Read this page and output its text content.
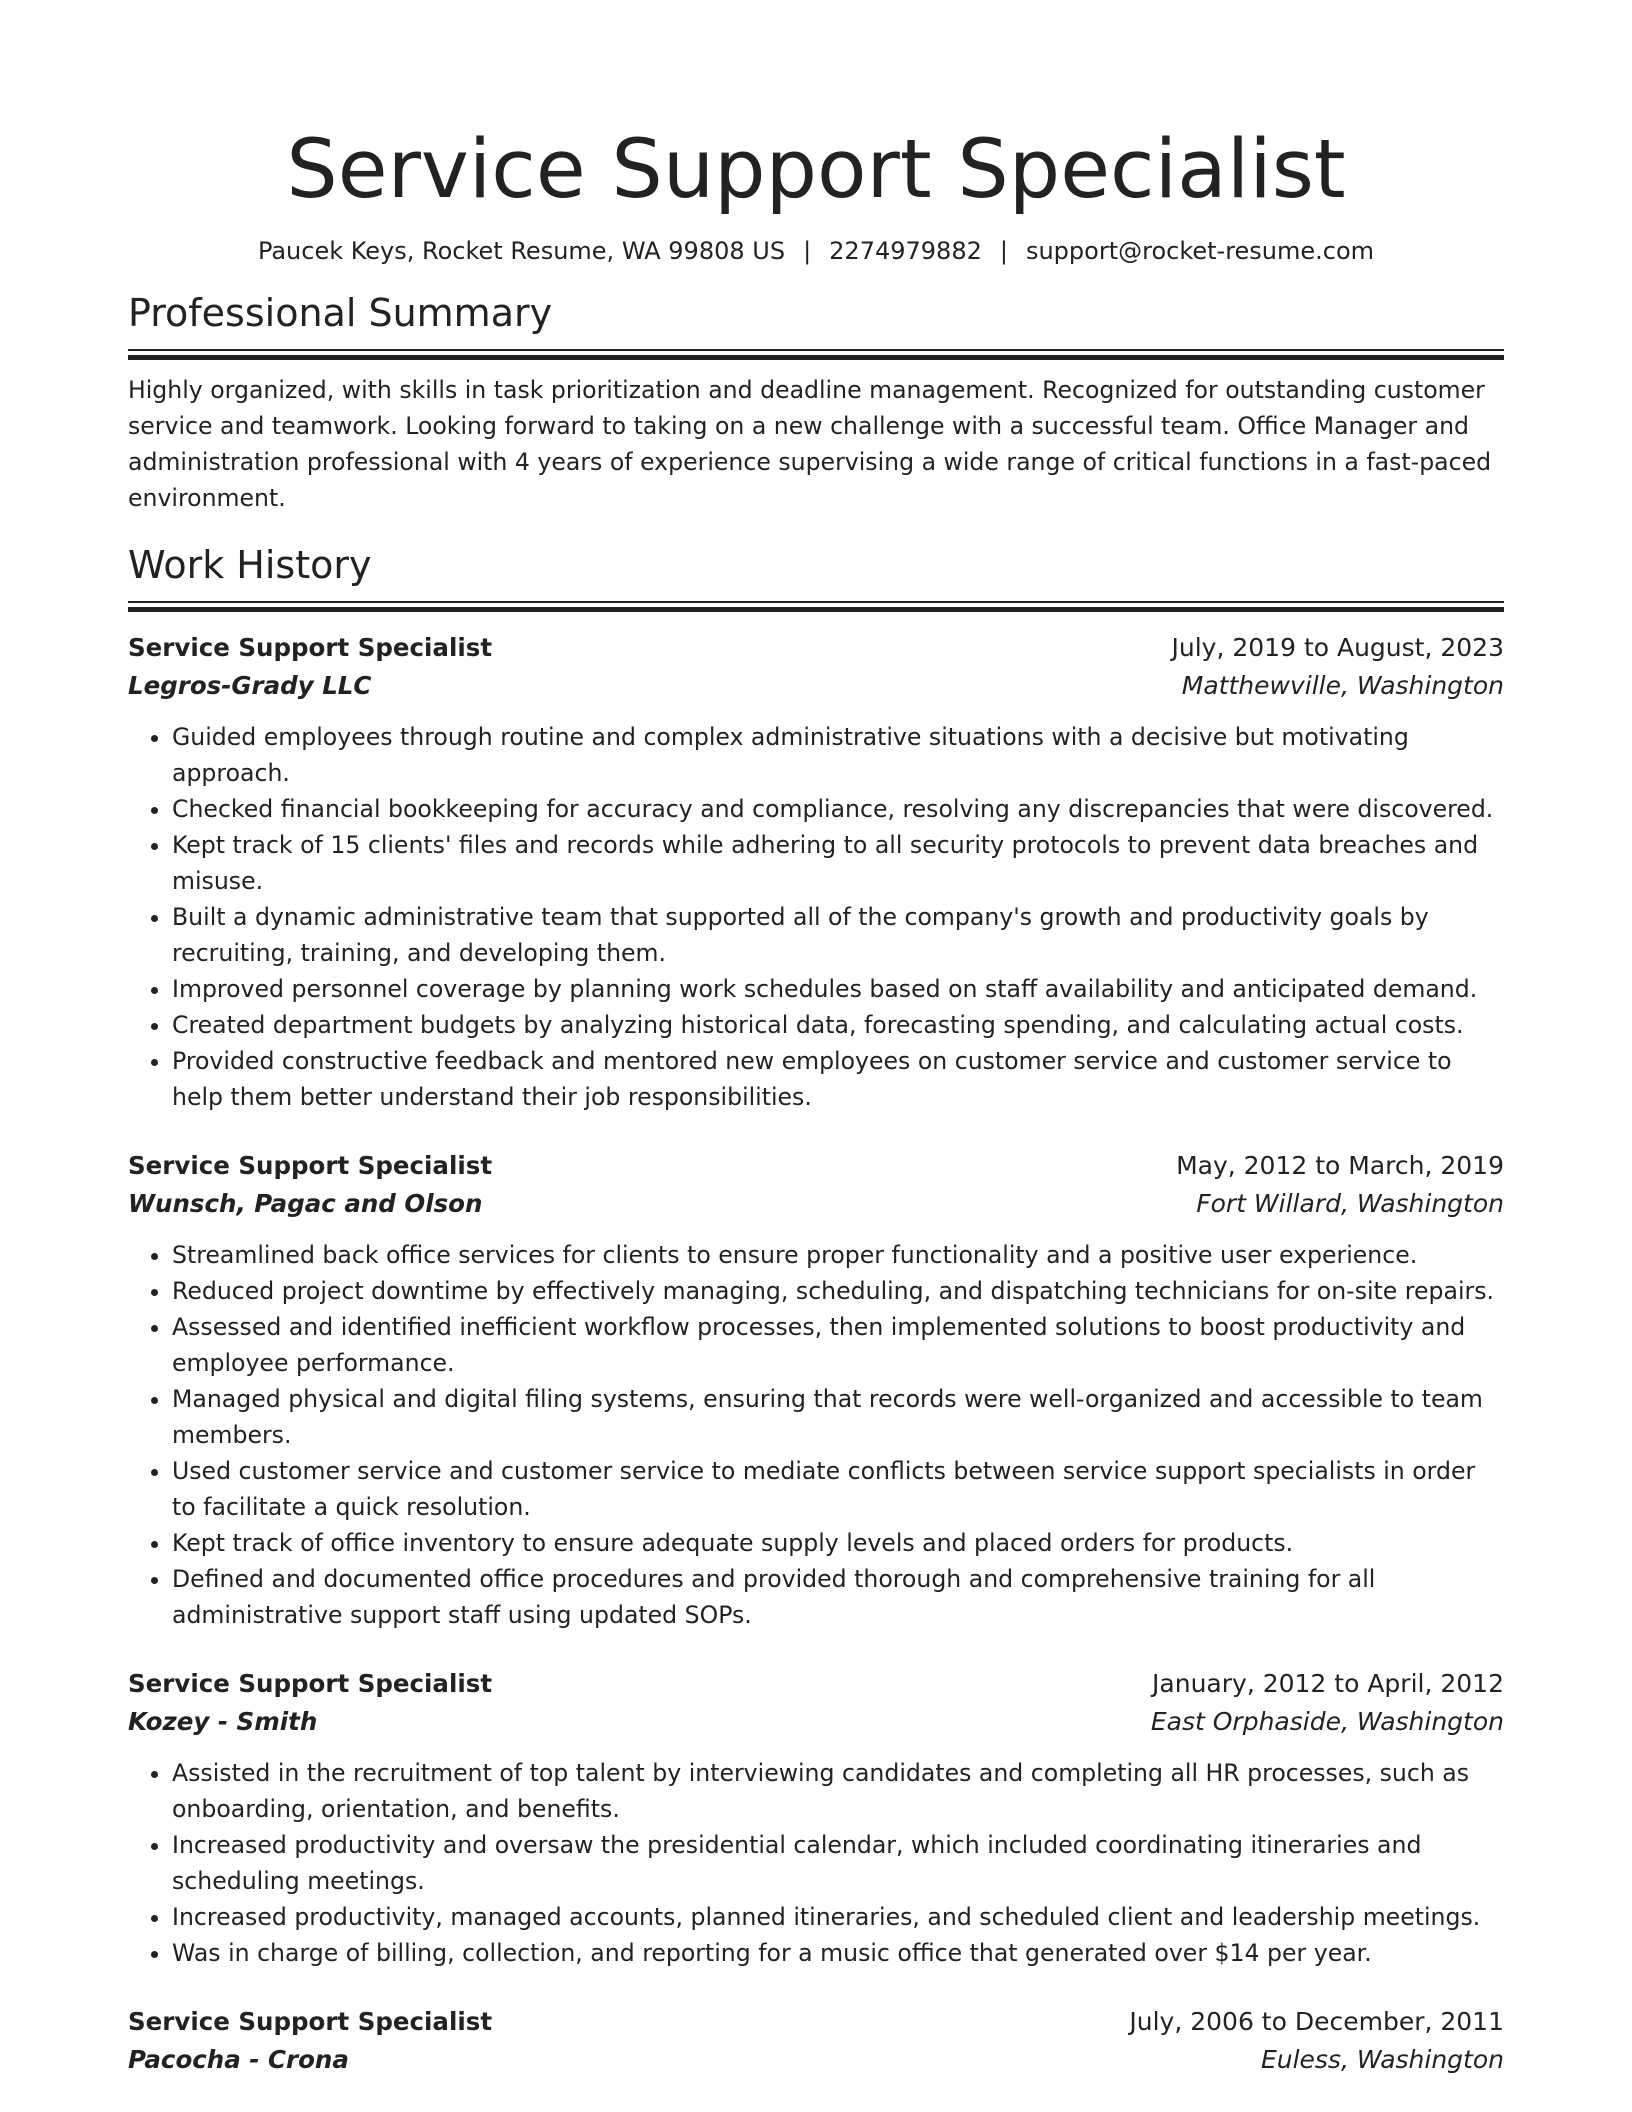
Service Support Specialist
Paucek Keys, Rocket Resume, WA 99808 US | 2274979882 | support@rocket-resume.com
Professional Summary

Highly organized, with skills in task prioritization and deadline management. Recognized for outstanding customer service and teamwork. Looking forward to taking on a new challenge with a successful team. Office Manager and administration professional with 4 years of experience supervising a wide range of critical functions in a fast-paced environment.

Work History
Service Support Specialist	July, 2019 to August, 2023
Legros-Grady LLC	Matthewville, Washington
• Guided employees through routine and complex administrative situations with a decisive but motivating approach.
• Checked financial bookkeeping for accuracy and compliance, resolving any discrepancies that were discovered.
• Kept track of 15 clients' files and records while adhering to all security protocols to prevent data breaches and misuse.
• Built a dynamic administrative team that supported all of the company's growth and productivity goals by recruiting, training, and developing them.
• Improved personnel coverage by planning work schedules based on staff availability and anticipated demand.
• Created department budgets by analyzing historical data, forecasting spending, and calculating actual costs.
• Provided constructive feedback and mentored new employees on customer service and customer service to help them better understand their job responsibilities.
Service Support Specialist	May, 2012 to March, 2019
Wunsch, Pagac and Olson	Fort Willard, Washington
• Streamlined back office services for clients to ensure proper functionality and a positive user experience.
• Reduced project downtime by effectively managing, scheduling, and dispatching technicians for on-site repairs.
• Assessed and identified inefficient workflow processes, then implemented solutions to boost productivity and employee performance.
• Managed physical and digital filing systems, ensuring that records were well-organized and accessible to team members.
• Used customer service and customer service to mediate conflicts between service support specialists in order to facilitate a quick resolution.
• Kept track of office inventory to ensure adequate supply levels and placed orders for products.
• Defined and documented office procedures and provided thorough and comprehensive training for all administrative support staff using updated SOPs.
Service Support Specialist	January, 2012 to April, 2012
Kozey - Smith	East Orphaside, Washington
• Assisted in the recruitment of top talent by interviewing candidates and completing all HR processes, such as onboarding, orientation, and benefits.
• Increased productivity and oversaw the presidential calendar, which included coordinating itineraries and scheduling meetings.
• Increased productivity, managed accounts, planned itineraries, and scheduled client and leadership meetings.
• Was in charge of billing, collection, and reporting for a music office that generated over $14 per year.
Service Support Specialist	July, 2006 to December, 2011
Pacocha - Crona	Euless, Washington
